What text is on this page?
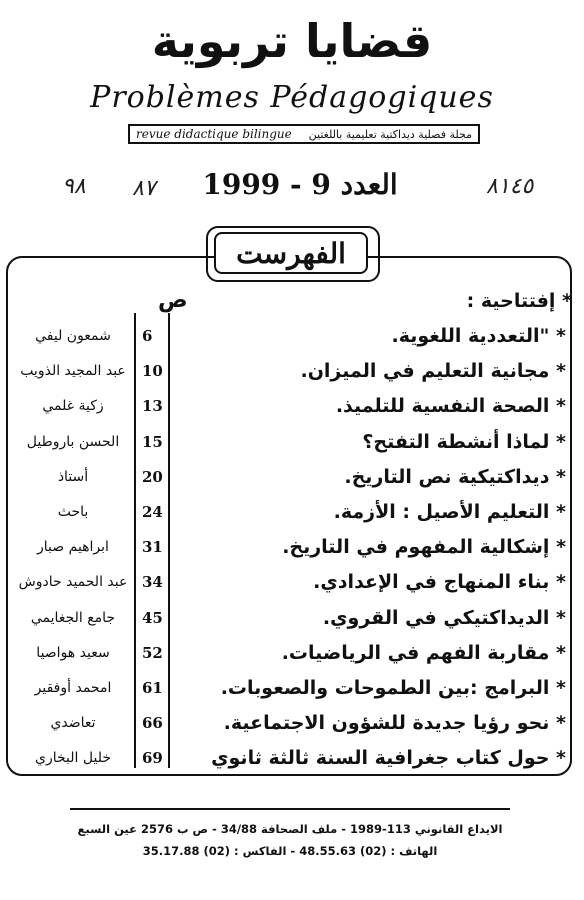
قضايا تربوية
Problèmes Pédagogiques
revue didactique bilingue مجلة فصلية ديداكتية تعليمية باللغتين
٩٨ ٨٧	العدد 9 - 1999	٨١٤٥
الفهرست
* إفتتاحية :
ص
* "التعددية اللغوية.
6
شمعون ليفي
* مجانية التعليم في الميزان.
10
عبد المجيد الذويب
* الصحة النفسية للتلميذ.
13
زكية غلمي
* لماذا أنشطة التفتح؟
15
الحسن باروطيل
* ديداكتيكية نص التاريخ.
20
أستاذ
* التعليم الأصيل : الأزمة.
24
باحث
* إشكالية المفهوم في التاريخ.
31
ابراهيم صبار
* بناء المنهاج في الإعدادي.
34
عبد الحميد حادوش
* الديداكتيكي في القروي.
45
جامع الجغايمي
* مقاربة الفهم في الرياضيات.
52
سعيد هواصيا
* البرامج :بين الطموحات والصعوبات.
61
امحمد أوفقير
* نحو رؤيا جديدة للشؤون الاجتماعية.
66
تعاضدي
* حول كتاب جغرافية السنة ثالثة ثانوي
69
خليل البخاري
الايداع القانوني 113-1989 - ملف الصحافة 34/88 - ص ب 2576 عين السبع
الهاتف : (02) 48.55.63 - الفاكس : (02) 35.17.88
